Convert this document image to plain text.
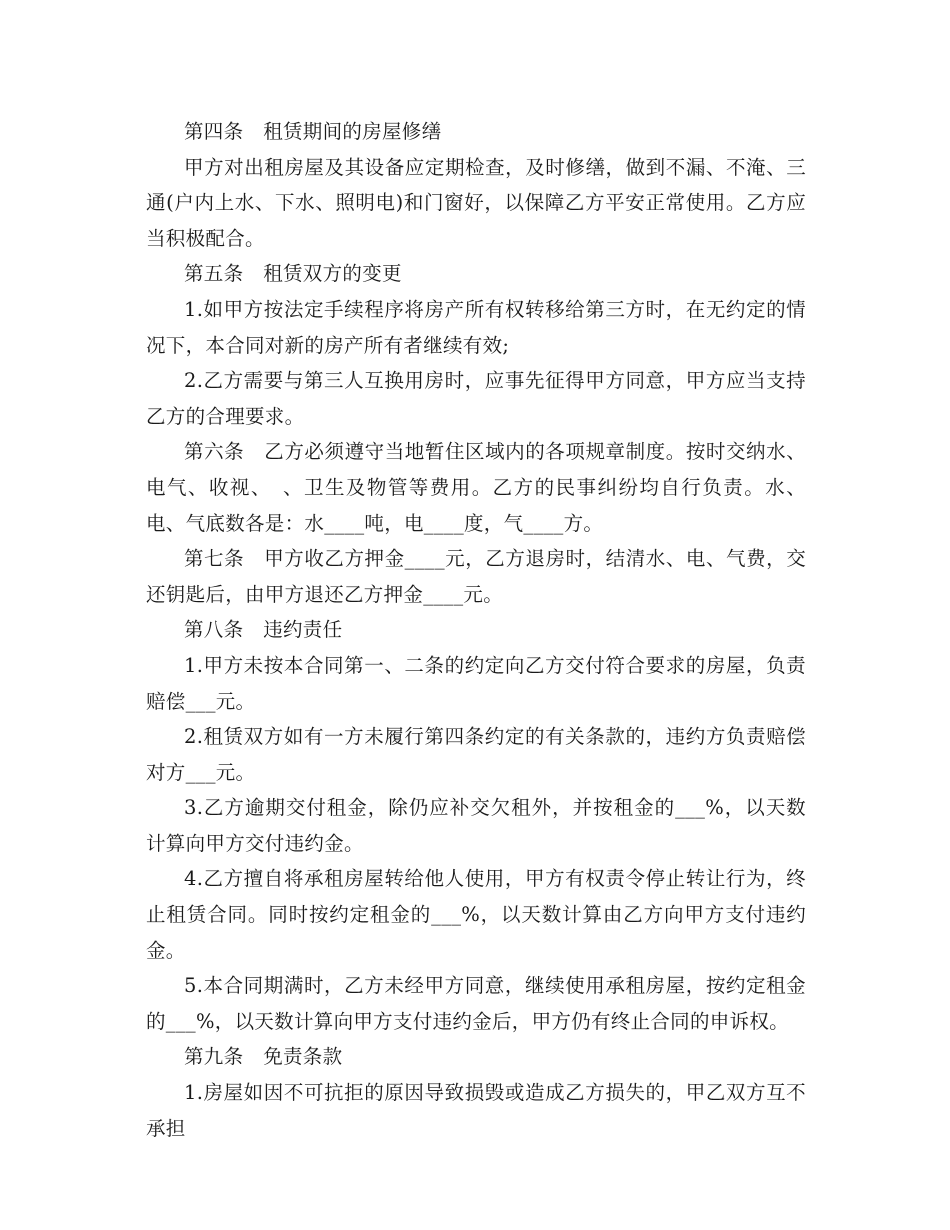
第四条　租赁期间的房屋修缮

甲方对出租房屋及其设备应定期检查，及时修缮，做到不漏、不淹、三通(户内上水、下水、照明电)和门窗好，以保障乙方平安正常使用。乙方应当积极配合。

第五条　租赁双方的变更

1.如甲方按法定手续程序将房产所有权转移给第三方时，在无约定的情况下，本合同对新的房产所有者继续有效;

2.乙方需要与第三人互换用房时，应事先征得甲方同意，甲方应当支持乙方的合理要求。

第六条　乙方必须遵守当地暂住区域内的各项规章制度。按时交纳水、电气、收视、　、卫生及物管等费用。乙方的民事纠纷均自行负责。水、电、气底数各是：水____吨，电____度，气____方。

第七条　甲方收乙方押金____元，乙方退房时，结清水、电、气费，交还钥匙后，由甲方退还乙方押金____元。

第八条　违约责任

1.甲方未按本合同第一、二条的约定向乙方交付符合要求的房屋，负责赔偿___元。

2.租赁双方如有一方未履行第四条约定的有关条款的，违约方负责赔偿对方___元。

3.乙方逾期交付租金，除仍应补交欠租外，并按租金的___%，以天数计算向甲方交付违约金。

4.乙方擅自将承租房屋转给他人使用，甲方有权责令停止转让行为，终止租赁合同。同时按约定租金的___%，以天数计算由乙方向甲方支付违约金。

5.本合同期满时，乙方未经甲方同意，继续使用承租房屋，按约定租金的___%，以天数计算向甲方支付违约金后，甲方仍有终止合同的申诉权。

第九条　免责条款

1.房屋如因不可抗拒的原因导致损毁或造成乙方损失的，甲乙双方互不承担
